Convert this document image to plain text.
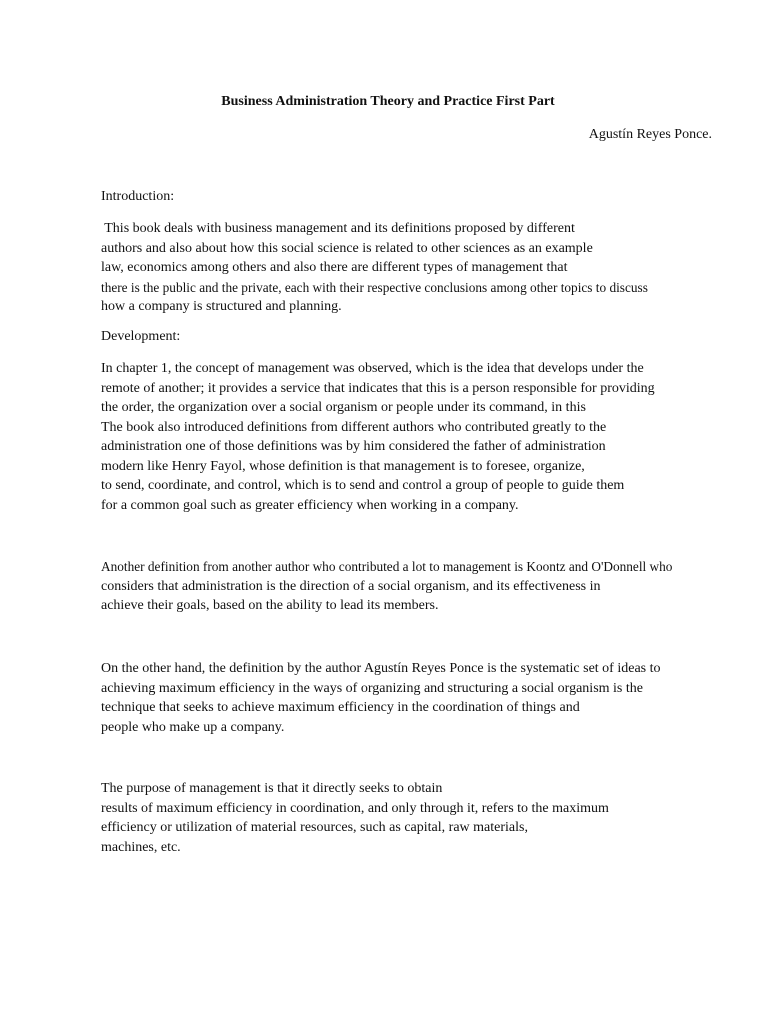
Business Administration Theory and Practice First Part
Agustín Reyes Ponce.
Introduction:
This book deals with business management and its definitions proposed by different
authors and also about how this social science is related to other sciences as an example
law, economics among others and also there are different types of management that
there is the public and the private, each with their respective conclusions among other topics to discuss
how a company is structured and planning.
Development:
In chapter 1, the concept of management was observed, which is the idea that develops under the
remote of another; it provides a service that indicates that this is a person responsible for providing
the order, the organization over a social organism or people under its command, in this
The book also introduced definitions from different authors who contributed greatly to the
administration one of those definitions was by him considered the father of administration
modern like Henry Fayol, whose definition is that management is to foresee, organize,
to send, coordinate, and control, which is to send and control a group of people to guide them
for a common goal such as greater efficiency when working in a company.
Another definition from another author who contributed a lot to management is Koontz and O'Donnell who
considers that administration is the direction of a social organism, and its effectiveness in
achieve their goals, based on the ability to lead its members.
On the other hand, the definition by the author Agustín Reyes Ponce is the systematic set of ideas to
achieving maximum efficiency in the ways of organizing and structuring a social organism is the
technique that seeks to achieve maximum efficiency in the coordination of things and
people who make up a company.
The purpose of management is that it directly seeks to obtain
results of maximum efficiency in coordination, and only through it, refers to the maximum
efficiency or utilization of material resources, such as capital, raw materials,
machines, etc.
